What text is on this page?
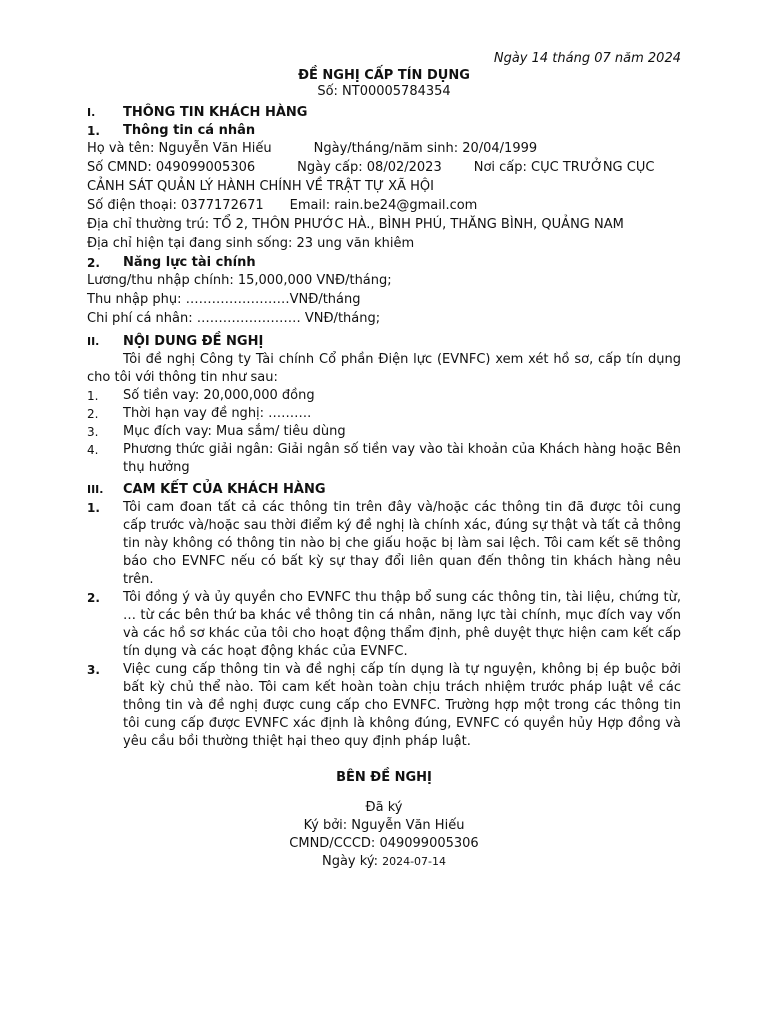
Ngày 14 tháng 07 năm 2024
ĐỀ NGHỊ CẤP TÍN DỤNG
Số: NT00005784354
I.	THÔNG TIN KHÁCH HÀNG
1.	Thông tin cá nhân
Họ và tên: Nguyễn Văn Hiếu	Ngày/tháng/năm sinh: 20/04/1999
Số CMND: 049099005306	Ngày cấp: 08/02/2023 Nơi cấp: CỤC TRƯỞNG CỤC
CẢNH SÁT QUẢN LÝ HÀNH CHÍNH VỀ TRẬT TỰ XÃ HỘI
Số điện thoại: 0377172671 Email: rain.be24@gmail.com
Địa chỉ thường trú: TỔ 2, THÔN PHƯỚC HÀ., BÌNH PHÚ, THĂNG BÌNH, QUẢNG NAM
Địa chỉ hiện tại đang sinh sống: 23 ung văn khiêm
2.	Năng lực tài chính
Lương/thu nhập chính: 15,000,000 VNĐ/tháng;
Thu nhập phụ: ……………………VNĐ/tháng
Chi phí cá nhân: …………………… VNĐ/tháng;
II.	NỘI DUNG ĐỀ NGHỊ
Tôi đề nghị Công ty Tài chính Cổ phần Điện lực (EVNFC) xem xét hồ sơ, cấp tín dụng cho tôi với thông tin như sau:
1.	Số tiền vay: 20,000,000 đồng
2.	Thời hạn vay đề nghị: ……….
3.	Mục đích vay: Mua sắm/ tiêu dùng
4.	Phương thức giải ngân: Giải ngân số tiền vay vào tài khoản của Khách hàng hoặc Bên thụ hưởng
III.	CAM KẾT CỦA KHÁCH HÀNG
1.	Tôi cam đoan tất cả các thông tin trên đây và/hoặc các thông tin đã được tôi cung cấp trước và/hoặc sau thời điểm ký đề nghị là chính xác, đúng sự thật và tất cả thông tin này không có thông tin nào bị che giấu hoặc bị làm sai lệch. Tôi cam kết sẽ thông báo cho EVNFC nếu có bất kỳ sự thay đổi liên quan đến thông tin khách hàng nêu trên.
2.	Tôi đồng ý và ủy quyền cho EVNFC thu thập bổ sung các thông tin, tài liệu, chứng từ, … từ các bên thứ ba khác về thông tin cá nhân, năng lực tài chính, mục đích vay vốn và các hồ sơ khác của tôi cho hoạt động thẩm định, phê duyệt thực hiện cam kết cấp tín dụng và các hoạt động khác của EVNFC.
3.	Việc cung cấp thông tin và đề nghị cấp tín dụng là tự nguyện, không bị ép buộc bởi bất kỳ chủ thể nào. Tôi cam kết hoàn toàn chịu trách nhiệm trước pháp luật về các thông tin và đề nghị được cung cấp cho EVNFC. Trường hợp một trong các thông tin tôi cung cấp được EVNFC xác định là không đúng, EVNFC có quyền hủy Hợp đồng và yêu cầu bồi thường thiệt hại theo quy định pháp luật.
BÊN ĐỀ NGHỊ
Đã ký
Ký bởi: Nguyễn Văn Hiếu
CMND/CCCD: 049099005306
Ngày ký: 2024-07-14
